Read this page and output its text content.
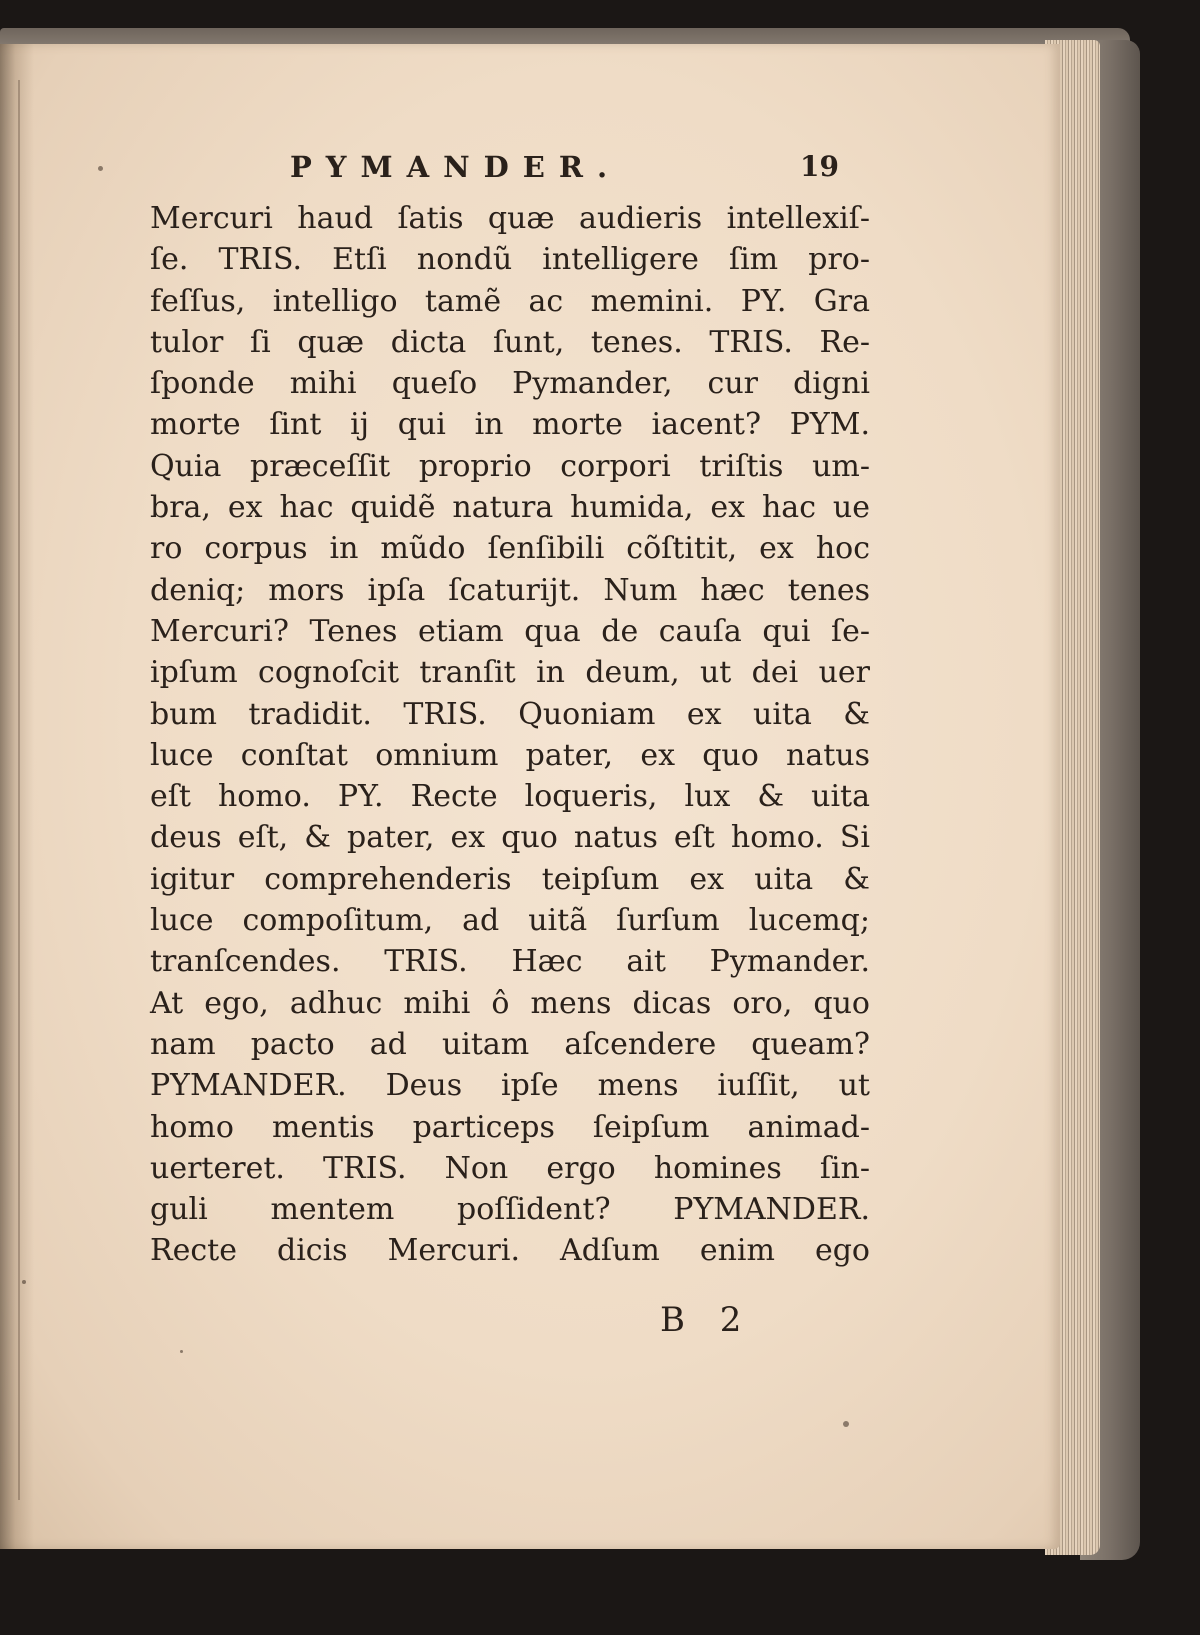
PYMANDER.	19
Mercuri haud ſatis quæ audieris intellexiſ-
ſe. TRIS. Etſi nondũ intelligere ſim pro-
feſſus, intelligo tamẽ ac memini. PY. Gra
tulor ſi quæ dicta ſunt, tenes. TRIS. Re-
ſponde mihi queſo Pymander, cur digni
morte ſint ij qui in morte iacent? PYM.
Quia præceſſit proprio corpori triſtis um-
bra, ex hac quidẽ natura humida, ex hac ue
ro corpus in mũdo ſenſibili cõſtitit, ex hoc
deniq; mors ipſa ſcaturijt. Num hæc tenes
Mercuri? Tenes etiam qua de cauſa qui ſe-
ipſum cognoſcit tranſit in deum, ut dei uer
bum tradidit. TRIS. Quoniam ex uita &
luce conſtat omnium pater, ex quo natus
eſt homo. PY. Recte loqueris, lux & uita
deus eſt, & pater, ex quo natus eſt homo. Si
igitur comprehenderis teipſum ex uita &
luce compoſitum, ad uitã ſurſum lucemq;
tranſcendes. TRIS. Hæc ait Pymander.
At ego, adhuc mihi ô mens dicas oro, quo
nam pacto ad uitam aſcendere queam?
PYMANDER. Deus ipſe mens iuſſit, ut
homo mentis particeps ſeipſum animad-
uerteret. TRIS. Non ergo homines ſin-
guli mentem poſſident? PYMANDER.
Recte dicis Mercuri. Adſum enim ego
B 2
